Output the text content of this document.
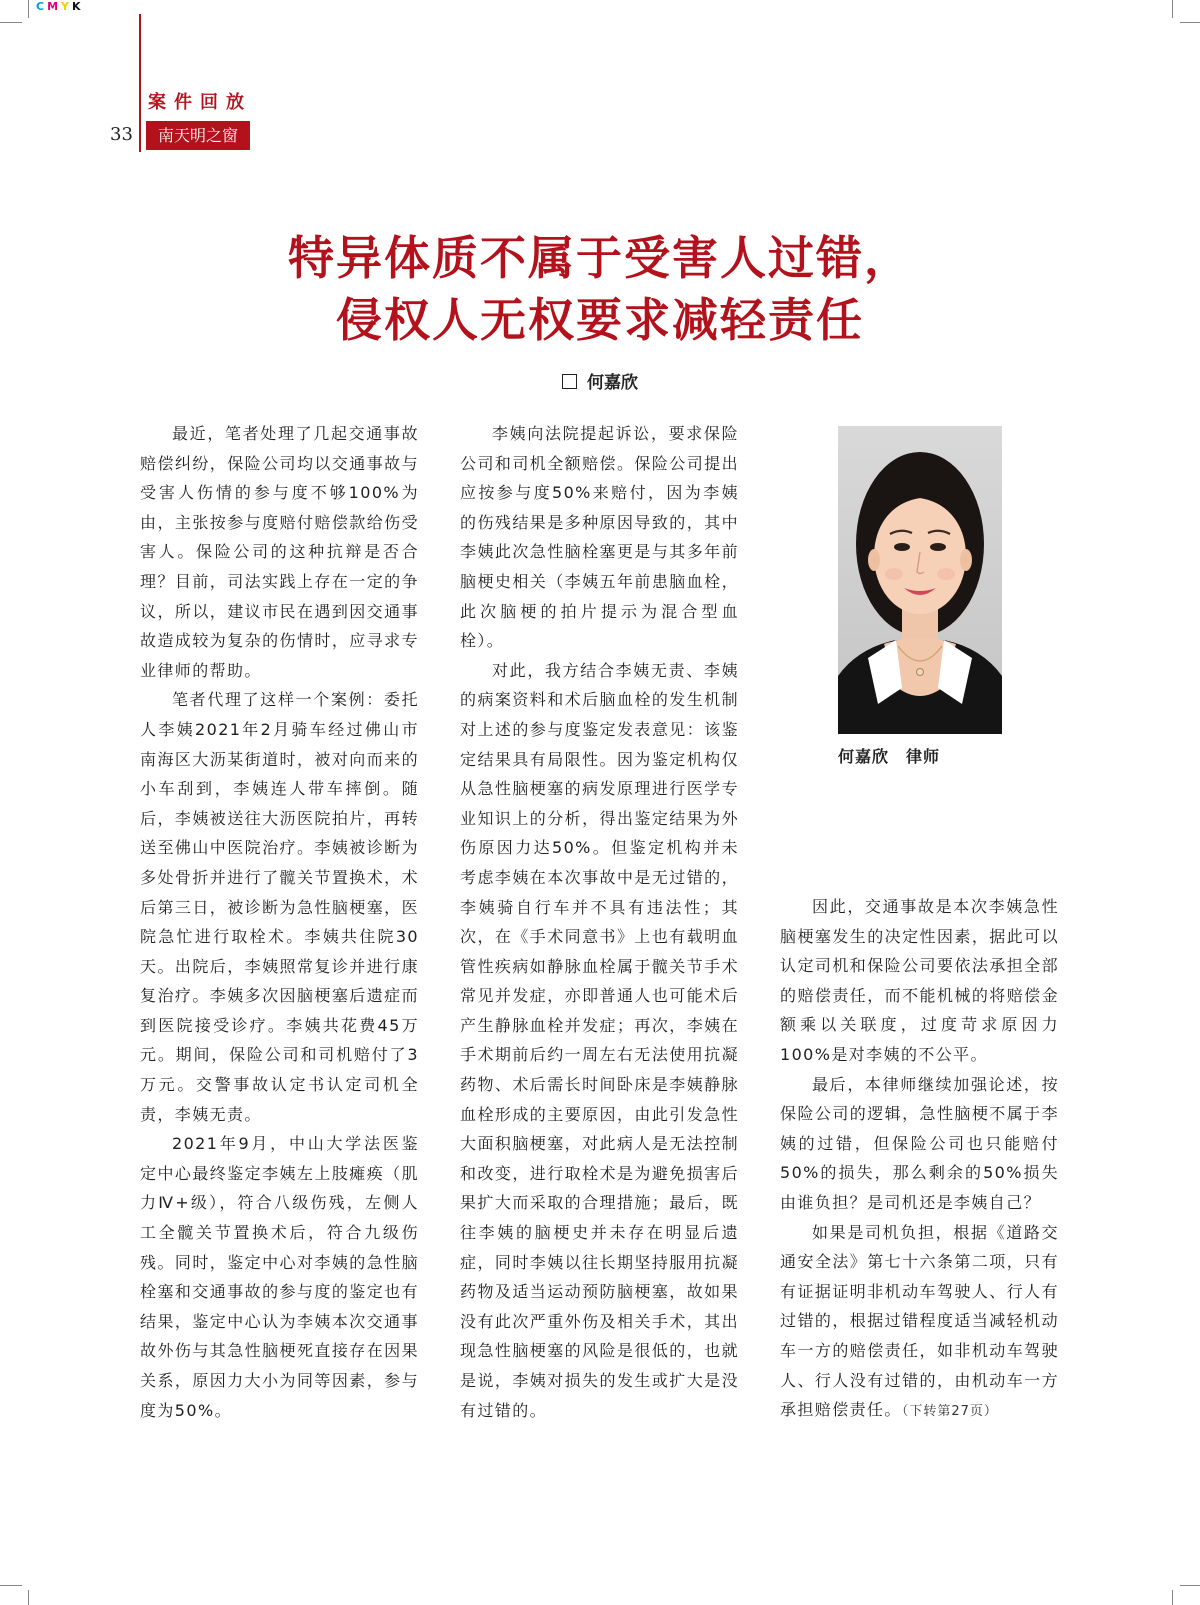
CMYK
案件回放
33	南天明之窗
特异体质不属于受害人过错，
侵权人无权要求减轻责任
何嘉欣

最近，笔者处理了几起交通事故赔偿纠纷，保险公司均以交通事故与受害人伤情的参与度不够100%为由，主张按参与度赔付赔偿款给伤受害人。保险公司的这种抗辩是否合理？目前，司法实践上存在一定的争议，所以，建议市民在遇到因交通事故造成较为复杂的伤情时，应寻求专业律师的帮助。

笔者代理了这样一个案例：委托人李姨2021年2月骑车经过佛山市南海区大沥某街道时，被对向而来的小车刮到，李姨连人带车摔倒。随后，李姨被送往大沥医院拍片，再转送至佛山中医院治疗。李姨被诊断为多处骨折并进行了髋关节置换术，术后第三日，被诊断为急性脑梗塞，医院急忙进行取栓术。李姨共住院30天。出院后，李姨照常复诊并进行康复治疗。李姨多次因脑梗塞后遗症而到医院接受诊疗。李姨共花费45万元。期间，保险公司和司机赔付了3万元。交警事故认定书认定司机全责，李姨无责。

2021年9月，中山大学法医鉴定中心最终鉴定李姨左上肢瘫痪（肌力Ⅳ+级），符合八级伤残，左侧人工全髋关节置换术后，符合九级伤残。同时，鉴定中心对李姨的急性脑栓塞和交通事故的参与度的鉴定也有结果，鉴定中心认为李姨本次交通事故外伤与其急性脑梗死直接存在因果关系，原因力大小为同等因素，参与度为50%。

李姨向法院提起诉讼，要求保险公司和司机全额赔偿。保险公司提出应按参与度50%来赔付，因为李姨的伤残结果是多种原因导致的，其中李姨此次急性脑栓塞更是与其多年前脑梗史相关（李姨五年前患脑血栓，此次脑梗的拍片提示为混合型血栓）。

对此，我方结合李姨无责、李姨的病案资料和术后脑血栓的发生机制对上述的参与度鉴定发表意见：该鉴定结果具有局限性。因为鉴定机构仅从急性脑梗塞的病发原理进行医学专业知识上的分析，得出鉴定结果为外伤原因力达50%。但鉴定机构并未考虑李姨在本次事故中是无过错的，李姨骑自行车并不具有违法性；其次，在《手术同意书》上也有载明血管性疾病如静脉血栓属于髋关节手术常见并发症，亦即普通人也可能术后产生静脉血栓并发症；再次，李姨在手术期前后约一周左右无法使用抗凝药物、术后需长时间卧床是李姨静脉血栓形成的主要原因，由此引发急性大面积脑梗塞，对此病人是无法控制和改变，进行取栓术是为避免损害后果扩大而采取的合理措施；最后，既往李姨的脑梗史并未存在明显后遗症，同时李姨以往长期坚持服用抗凝药物及适当运动预防脑梗塞，故如果没有此次严重外伤及相关手术，其出现急性脑梗塞的风险是很低的，也就是说，李姨对损失的发生或扩大是没有过错的。

何嘉欣　律师

因此，交通事故是本次李姨急性脑梗塞发生的决定性因素，据此可以认定司机和保险公司要依法承担全部的赔偿责任，而不能机械的将赔偿金额乘以关联度，过度苛求原因力100%是对李姨的不公平。

最后，本律师继续加强论述，按保险公司的逻辑，急性脑梗不属于李姨的过错，但保险公司也只能赔付50%的损失，那么剩余的50%损失由谁负担？是司机还是李姨自己？

如果是司机负担，根据《道路交通安全法》第七十六条第二项，只有有证据证明非机动车驾驶人、行人有过错的，根据过错程度适当减轻机动车一方的赔偿责任，如非机动车驾驶人、行人没有过错的，由机动车一方承担赔偿责任。（下转第27页）
